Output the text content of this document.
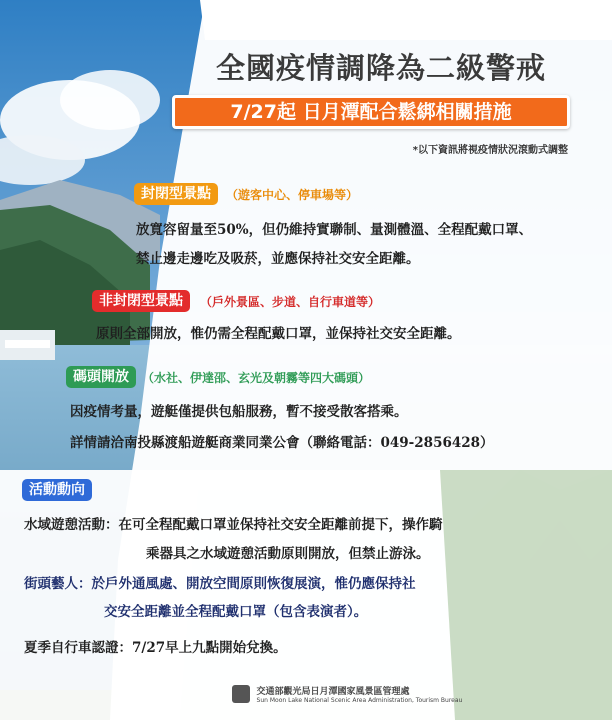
全國疫情調降為二級警戒
7/27起 日月潭配合鬆綁相關措施
*以下資訊將視疫情狀況滾動式調整
封閉型景點	（遊客中心、停車場等）
放寬容留量至50%，但仍維持實聯制、量測體溫、全程配戴口罩、
禁止邊走邊吃及吸菸，並應保持社交安全距離。
非封閉型景點	（戶外景區、步道、自行車道等）
原則全部開放，惟仍需全程配戴口罩，並保持社交安全距離。
碼頭開放	（水社、伊達邵、玄光及朝霧等四大碼頭）
因疫情考量，遊艇僅提供包船服務，暫不接受散客搭乘。
詳情請洽南投縣渡船遊艇商業同業公會（聯絡電話：049-2856428）
活動動向
水域遊憩活動：在可全程配戴口罩並保持社交安全距離前提下，操作騎
乘器具之水域遊憩活動原則開放，但禁止游泳。
街頭藝人：於戶外通風處、開放空間原則恢復展演，惟仍應保持社
交安全距離並全程配戴口罩（包含表演者）。
夏季自行車認證：7/27早上九點開始兌換。

交通部觀光局日月潭國家風景區管理處
Sun Moon Lake National Scenic Area Administration, Tourism Bureau
